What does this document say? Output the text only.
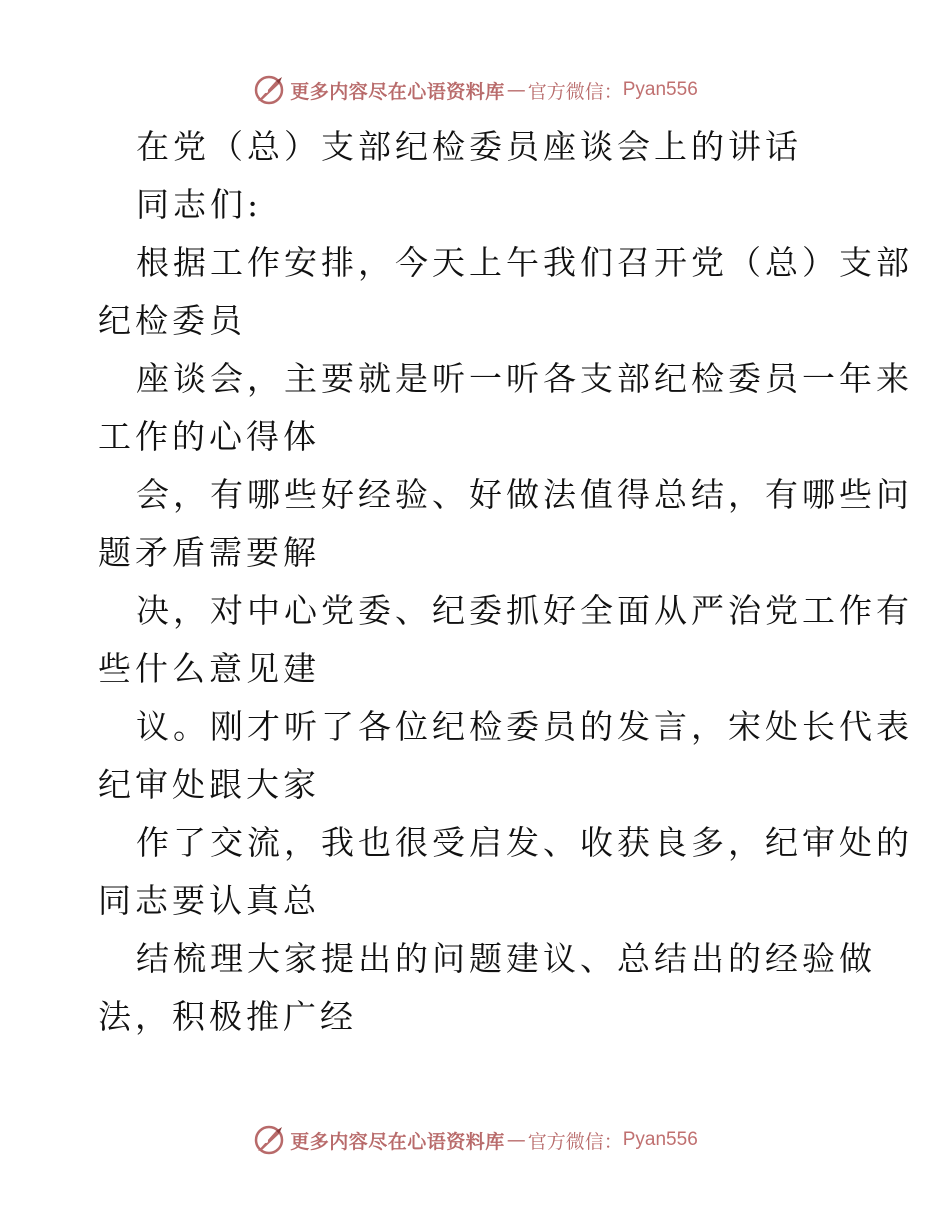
更多内容尽在心语资料库 — 官方微信： Pyan556
在党（总）支部纪检委员座谈会上的讲话
同志们:
根据工作安排，今天上午我们召开党（总）支部
纪检委员
座谈会，主要就是听一听各支部纪检委员一年来
工作的心得体
会，有哪些好经验、好做法值得总结，有哪些问
题矛盾需要解
决，对中心党委、纪委抓好全面从严治党工作有
些什么意见建
议。刚才听了各位纪检委员的发言，宋处长代表
纪审处跟大家
作了交流，我也很受启发、收获良多，纪审处的
同志要认真总
结梳理大家提出的问题建议、总结出的经验做
法，积极推广经
更多内容尽在心语资料库 — 官方微信： Pyan556
